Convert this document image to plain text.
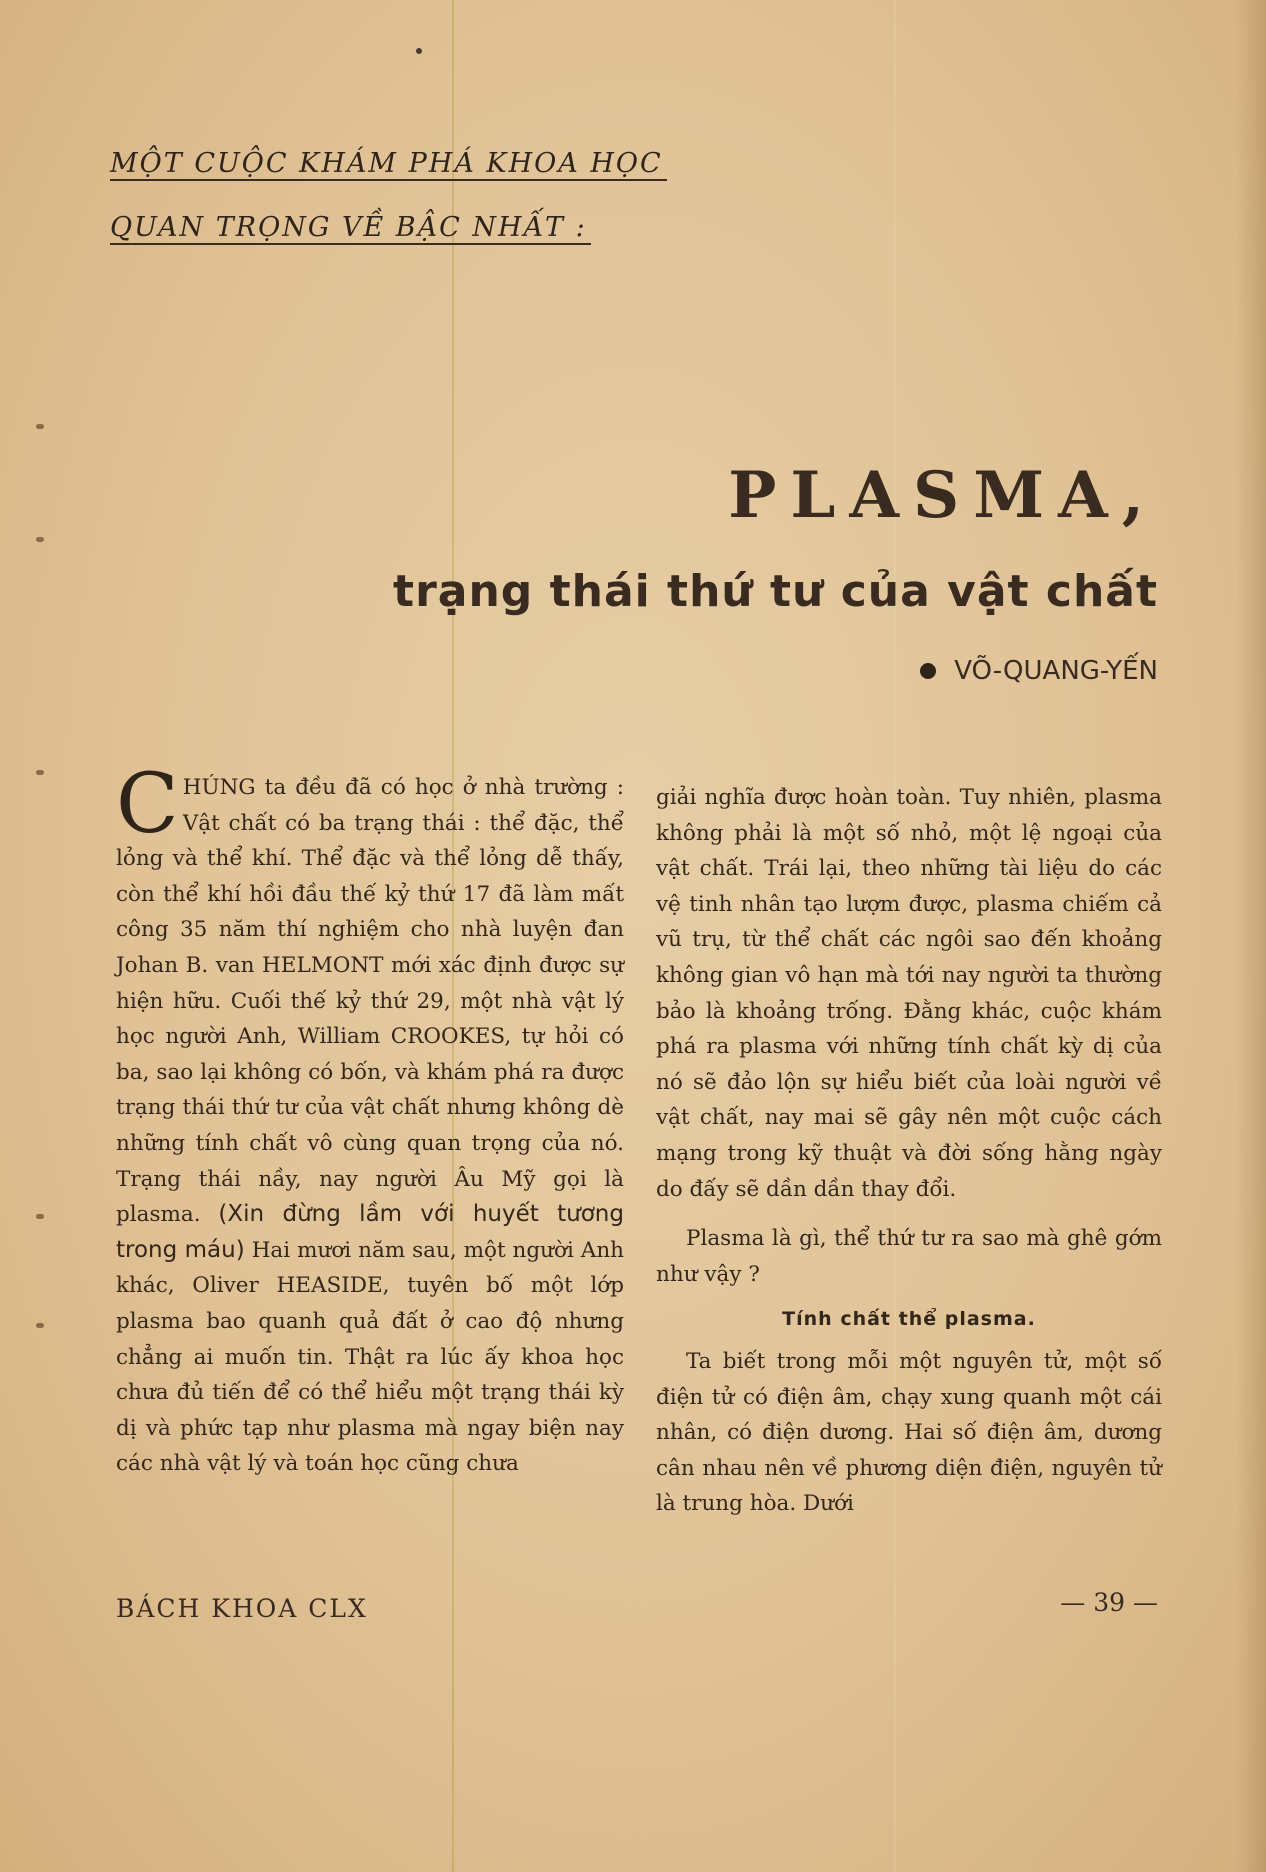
MỘT CUỘC KHÁM PHÁ KHOA HỌC
QUAN TRỌNG VỀ BẬC NHẤT :
PLASMA,
trạng thái thứ tư của vật chất
VÕ-QUANG-YẾN

CHÚNG ta đều đã có học ở nhà trường : Vật chất có ba trạng thái : thể đặc, thể lỏng và thể khí. Thể đặc và thể lỏng dễ thấy, còn thể khí hồi đầu thế kỷ thứ 17 đã làm mất công 35 năm thí nghiệm cho nhà luyện đan Johan B. van HELMONT mới xác định được sự hiện hữu. Cuối thế kỷ thứ 29, một nhà vật lý học người Anh, William CROOKES, tự hỏi có ba, sao lại không có bốn, và khám phá ra được trạng thái thứ tư của vật chất nhưng không dè những tính chất vô cùng quan trọng của nó. Trạng thái nầy, nay người Âu Mỹ gọi là plasma. (Xin đừng lầm với huyết tương trong máu) Hai mươi năm sau, một người Anh khác, Oliver HEASIDE, tuyên bố một lớp plasma bao quanh quả đất ở cao độ nhưng chẳng ai muốn tin. Thật ra lúc ấy khoa học chưa đủ tiến để có thể hiểu một trạng thái kỳ dị và phức tạp như plasma mà ngay biện nay các nhà vật lý và toán học cũng chưa

giải nghĩa được hoàn toàn. Tuy nhiên, plasma không phải là một số nhỏ, một lệ ngoại của vật chất. Trái lại, theo những tài liệu do các vệ tinh nhân tạo lượm được, plasma chiếm cả vũ trụ, từ thể chất các ngôi sao đến khoảng không gian vô hạn mà tới nay người ta thường bảo là khoảng trống. Đằng khác, cuộc khám phá ra plasma với những tính chất kỳ dị của nó sẽ đảo lộn sự hiểu biết của loài người về vật chất, nay mai sẽ gây nên một cuộc cách mạng trong kỹ thuật và đời sống hằng ngày do đấy sẽ dần dần thay đổi.

Plasma là gì, thể thứ tư ra sao mà ghê gớm như vậy ?

Tính chất thể plasma.

Ta biết trong mỗi một nguyên tử, một số điện tử có điện âm, chạy xung quanh một cái nhân, có điện dương. Hai số điện âm, dương cân nhau nên về phương diện điện, nguyên tử là trung hòa. Dưới

BÁCH KHOA CLX	— 39 —
